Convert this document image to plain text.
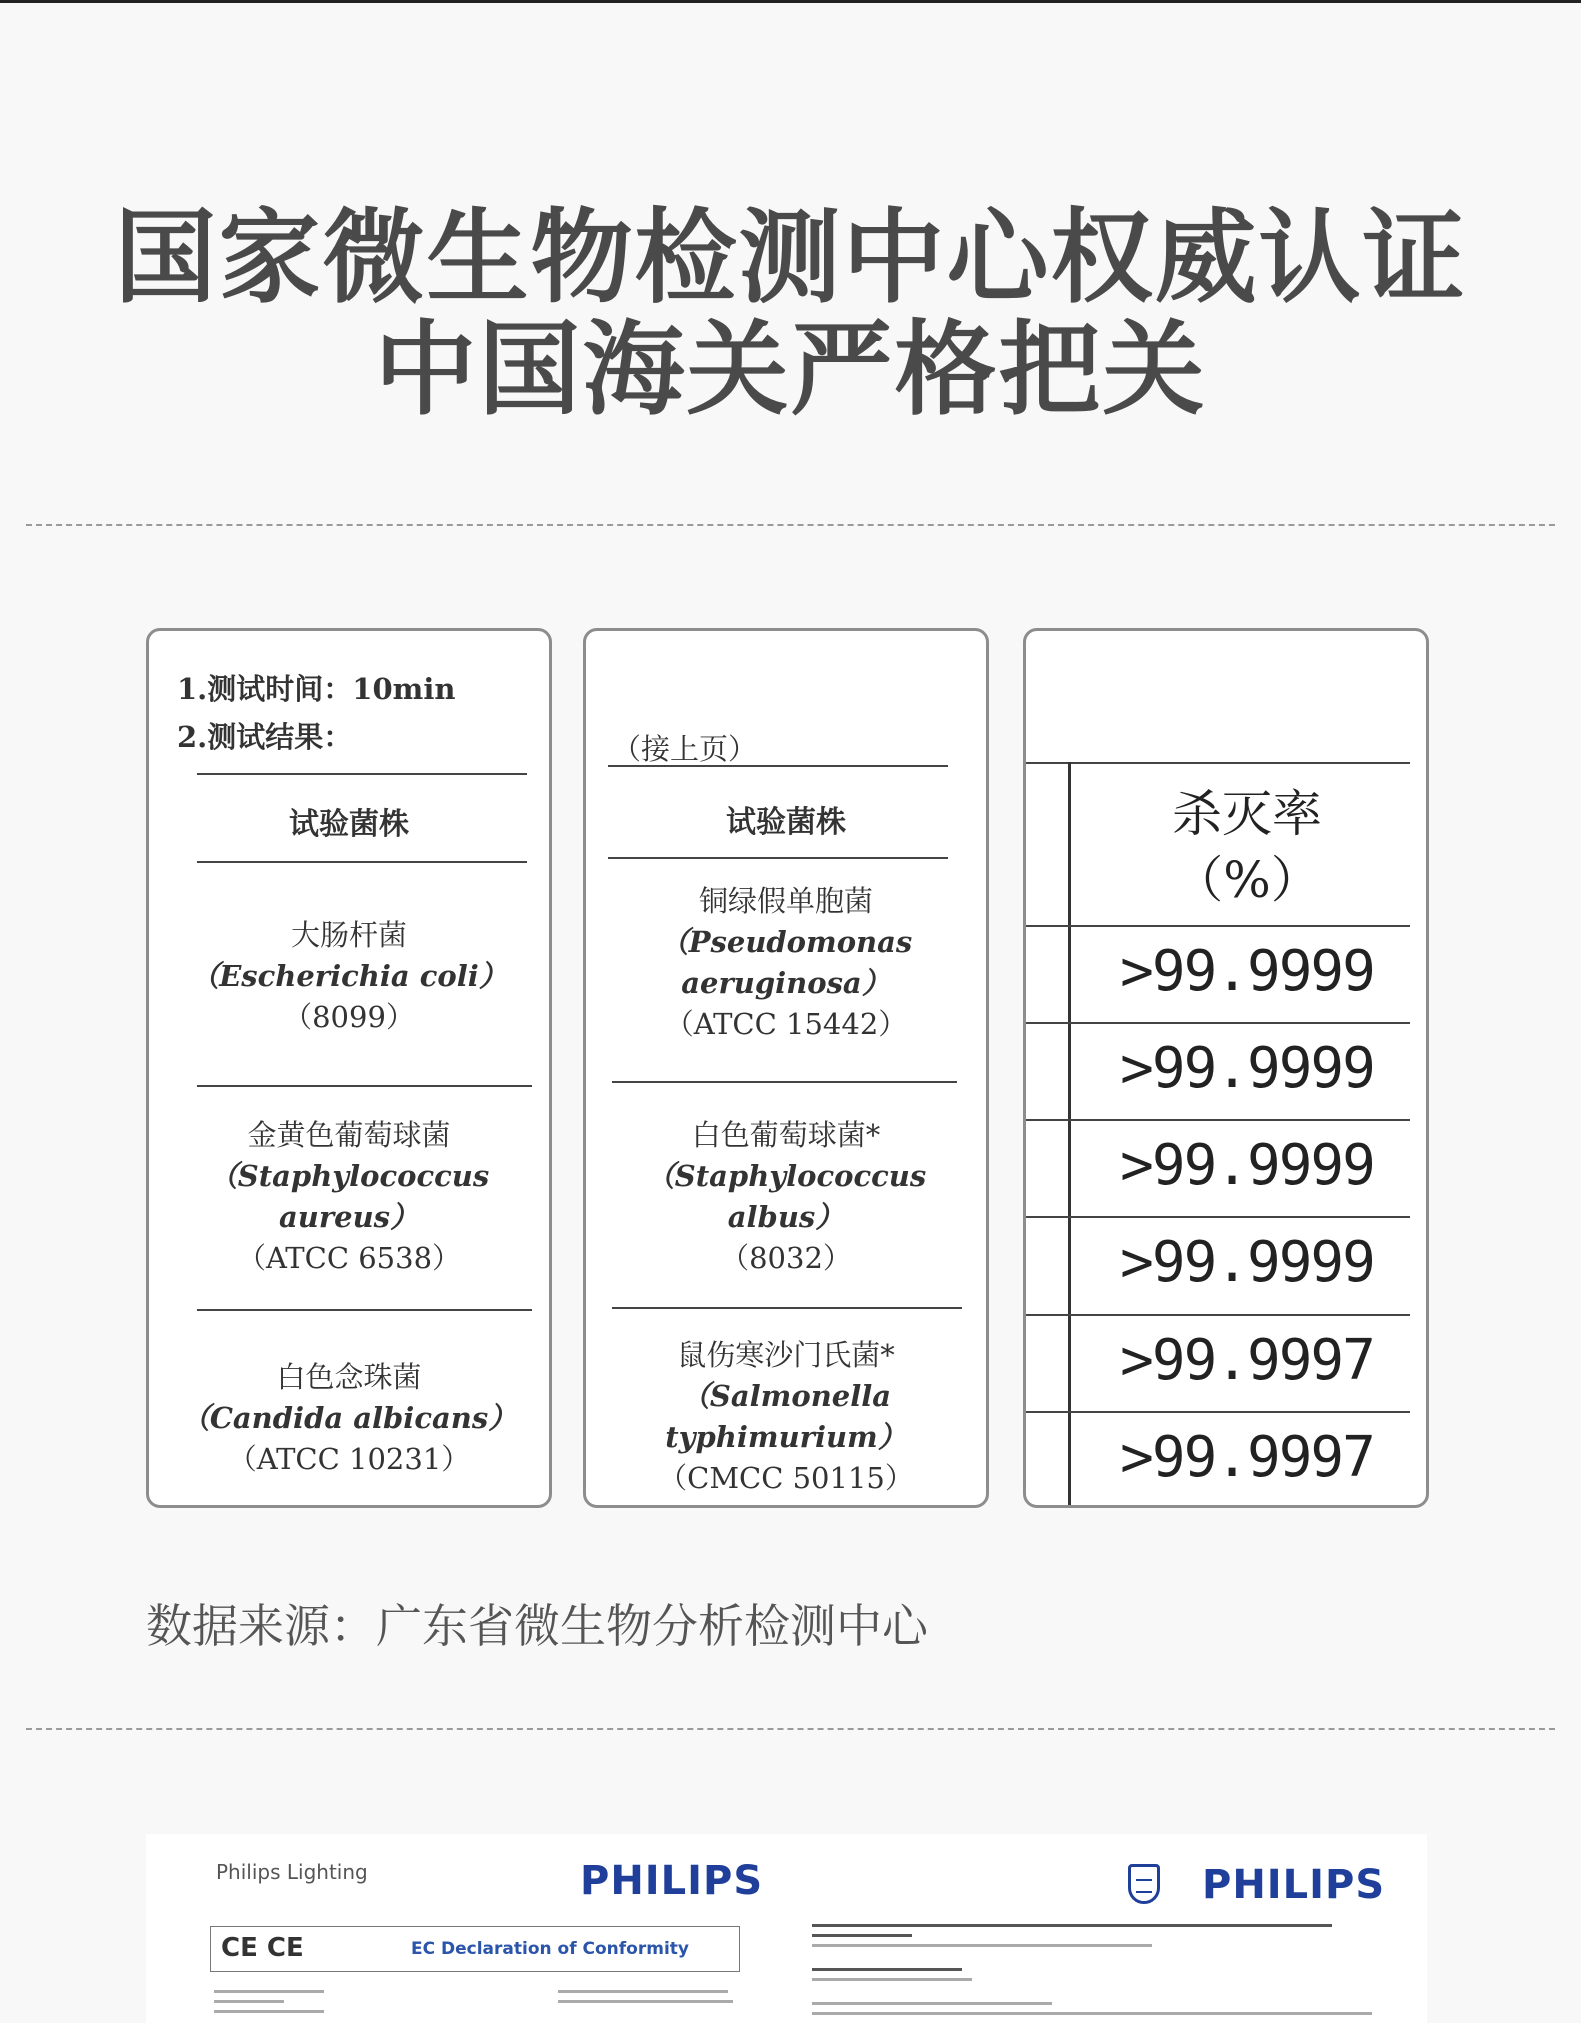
国家微生物检测中心权威认证
中国海关严格把关
1.测试时间：10min
2.测试结果：
试验菌株
大肠杆菌
（Escherichia coli）
（8099）
金黄色葡萄球菌
（Staphylococcus
aureus）
（ATCC 6538）
白色念珠菌
（Candida albicans）
（ATCC 10231）
（接上页）
试验菌株
铜绿假单胞菌
（Pseudomonas
aeruginosa）
（ATCC 15442）
白色葡萄球菌*
（Staphylococcus
albus）
（8032）
鼠伤寒沙门氏菌*
（Salmonella
typhimurium）
（CMCC 50115）
杀灭率
（%）
>99.9999
>99.9999
>99.9999
>99.9999
>99.9997
>99.9997
数据来源：广东省微生物分析检测中心
Philips Lighting	PHILIPS
CE CE	EC Declaration of Conformity
PHILIPS
